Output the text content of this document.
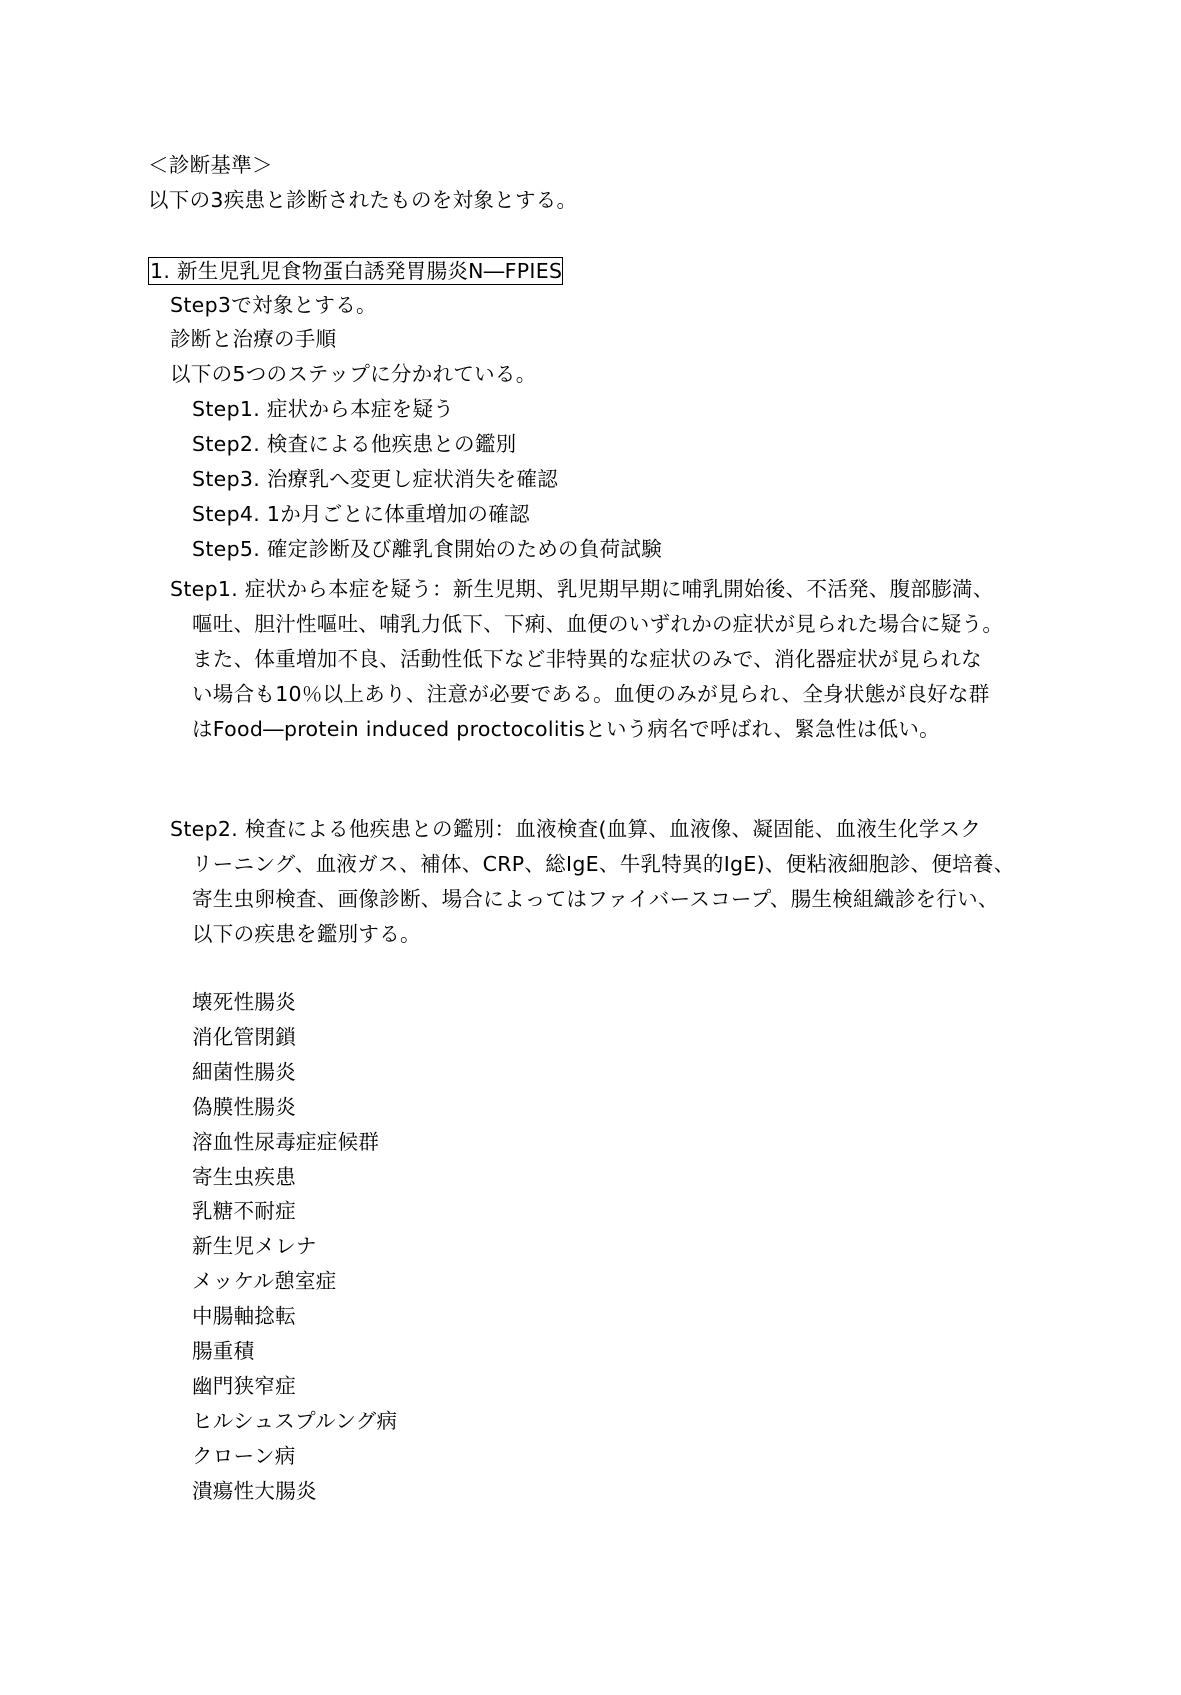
＜診断基準＞
以下の3疾患と診断されたものを対象とする。
1. 新生児乳児食物蛋白誘発胃腸炎N―FPIES
Step3で対象とする。
診断と治療の手順
以下の5つのステップに分かれている。
Step1. 症状から本症を疑う
Step2. 検査による他疾患との鑑別
Step3. 治療乳へ変更し症状消失を確認
Step4. 1か月ごとに体重増加の確認
Step5. 確定診断及び離乳食開始のための負荷試験
Step1. 症状から本症を疑う：新生児期、乳児期早期に哺乳開始後、不活発、腹部膨満、
嘔吐、胆汁性嘔吐、哺乳力低下、下痢、血便のいずれかの症状が見られた場合に疑う。
また、体重増加不良、活動性低下など非特異的な症状のみで、消化器症状が見られな
い場合も10％以上あり、注意が必要である。血便のみが見られ、全身状態が良好な群
はFood―protein induced proctocolitisという病名で呼ばれ、緊急性は低い。
Step2. 検査による他疾患との鑑別：血液検査(血算、血液像、凝固能、血液生化学スク
リーニング、血液ガス、補体、CRP、総IgE、牛乳特異的IgE)、便粘液細胞診、便培養、
寄生虫卵検査、画像診断、場合によってはファイバースコープ、腸生検組織診を行い、
以下の疾患を鑑別する。
壊死性腸炎
消化管閉鎖
細菌性腸炎
偽膜性腸炎
溶血性尿毒症症候群
寄生虫疾患
乳糖不耐症
新生児メレナ
メッケル憩室症
中腸軸捻転
腸重積
幽門狭窄症
ヒルシュスプルング病
クローン病
潰瘍性大腸炎
